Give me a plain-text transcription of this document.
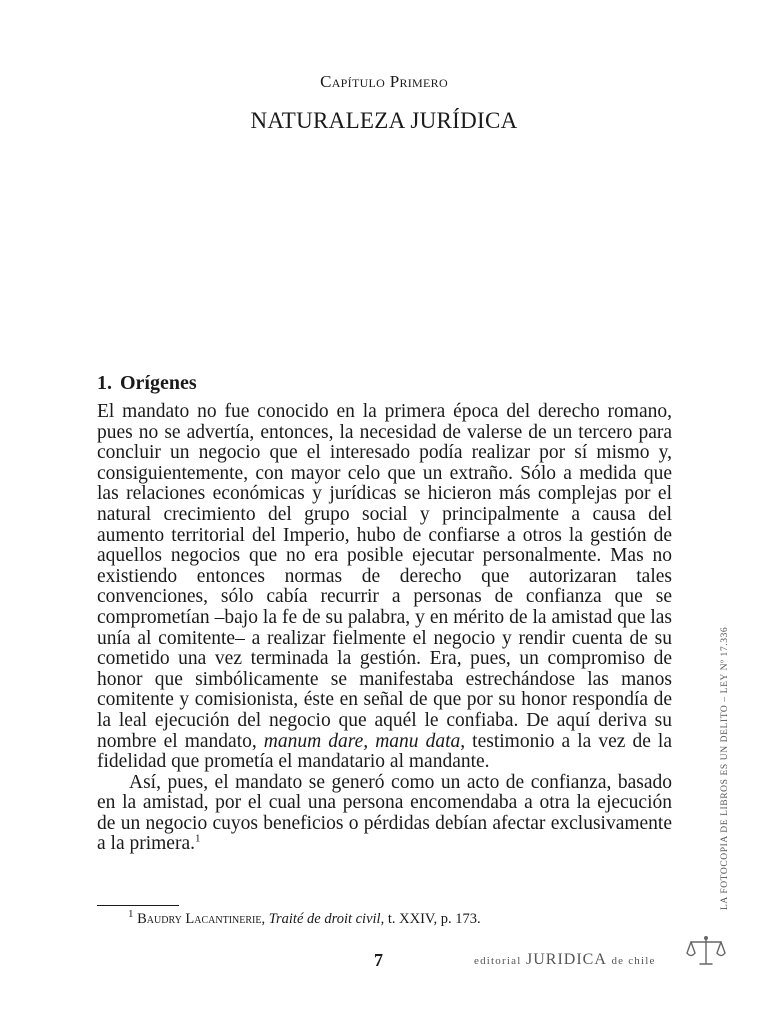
Capítulo Primero
NATURALEZA JURÍDICA
1. Orígenes

El mandato no fue conocido en la primera época del derecho romano, pues no se advertía, entonces, la necesidad de valerse de un tercero para concluir un negocio que el interesado podía realizar por sí mismo y, consiguientemente, con mayor celo que un extraño. Sólo a medida que las relaciones económicas y jurídicas se hicieron más complejas por el natural crecimiento del grupo social y principalmente a causa del aumento territorial del Imperio, hubo de confiarse a otros la gestión de aquellos negocios que no era posible ejecutar personalmente. Mas no existiendo entonces normas de derecho que autorizaran tales convenciones, sólo cabía recurrir a personas de confianza que se comprometían –bajo la fe de su palabra, y en mérito de la amistad que las unía al comitente– a realizar fielmente el negocio y rendir cuenta de su cometido una vez terminada la gestión. Era, pues, un compromiso de honor que simbólicamente se manifestaba estrechándose las manos comitente y comisionista, éste en señal de que por su honor respondía de la leal ejecución del negocio que aquél le confiaba. De aquí deriva su nombre el mandato, manum dare, manu data, testimonio a la vez de la fidelidad que prometía el mandatario al mandante.

Así, pues, el mandato se generó como un acto de confianza, basado en la amistad, por el cual una persona encomendaba a otra la ejecución de un negocio cuyos beneficios o pérdidas debían afectar exclusivamente a la primera.$^1$

$^1$ Baudry Lacantinerie, Traité de droit civil, t. XXIV, p. 173.
7	editorial JURIDICA de chile
LA FOTOCOPIA DE LIBROS ES UN DELITO – LEY Nº 17.336
